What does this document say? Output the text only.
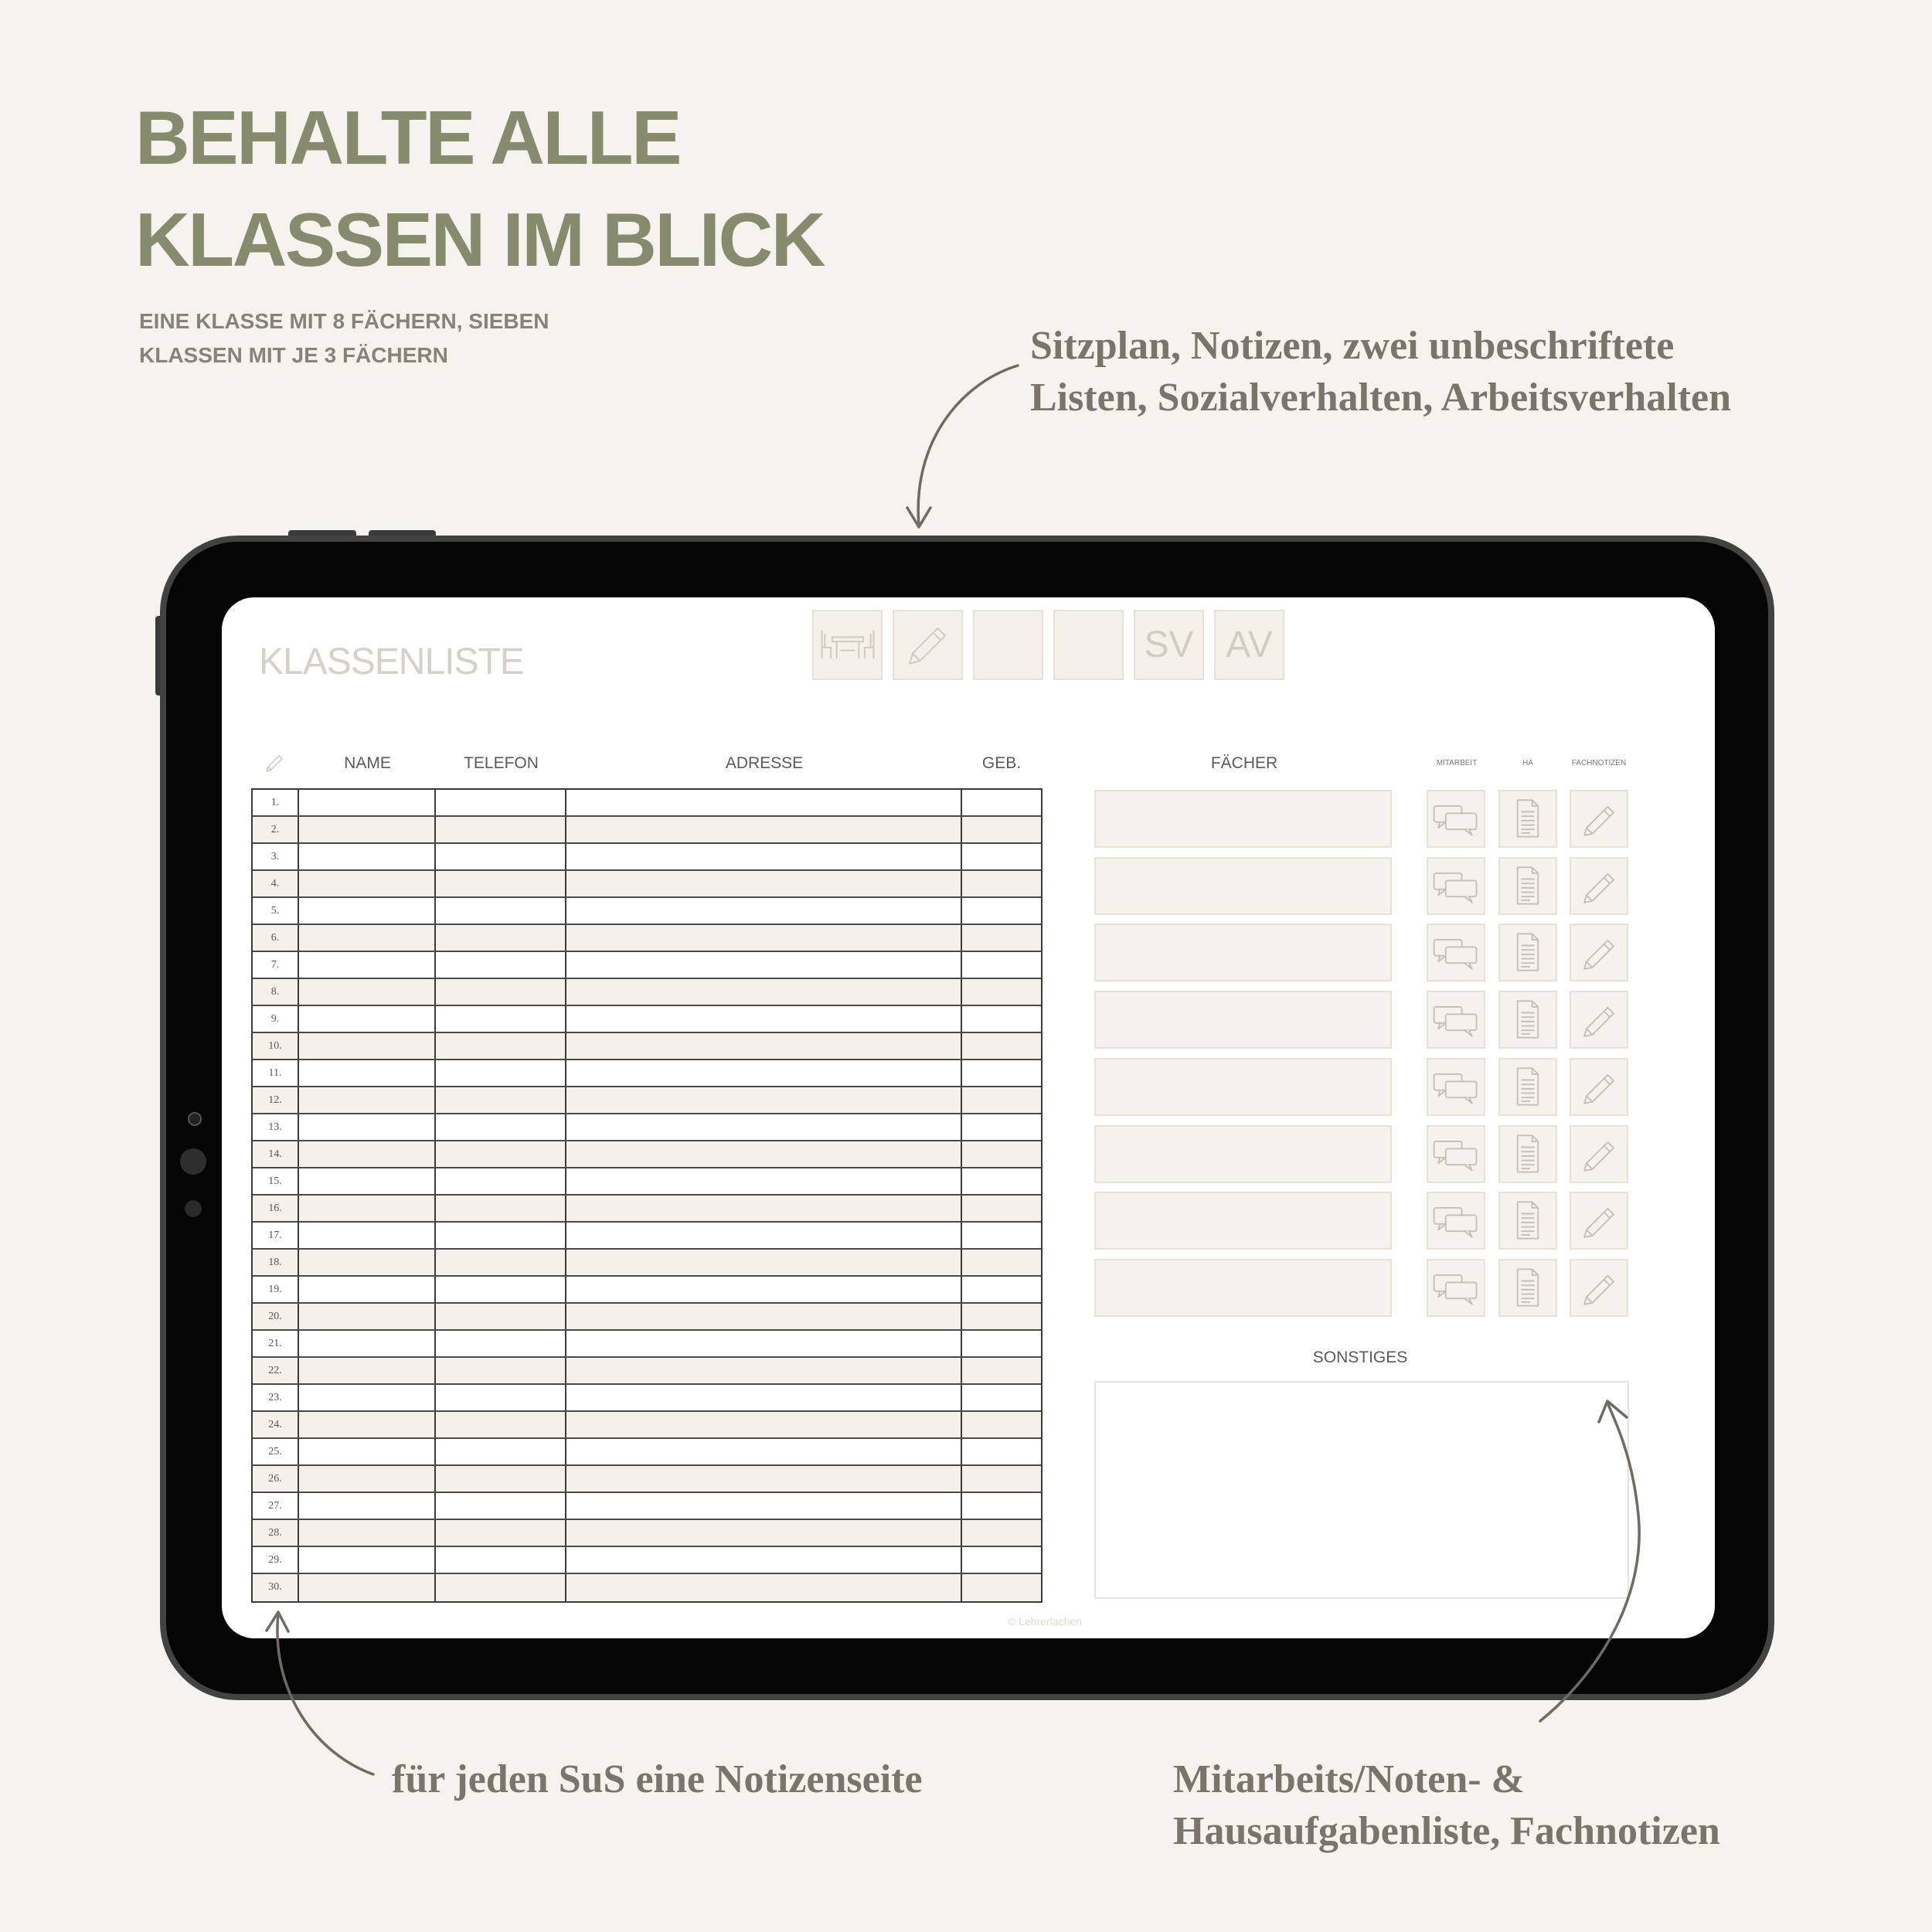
BEHALTE ALLE
KLASSEN IM BLICK
EINE KLASSE MIT 8 FÄCHERN, SIEBEN
KLASSEN MIT JE 3 FÄCHERN	Sitzplan, Notizen, zwei unbeschriftete
Listen, Sozialverhalten, Arbeitsverhalten
KLASSENLISTE	SV AV
NAME	TELEFON	ADRESSE	GEB.
1.
2.
3.
4.
5.
6.
7.
8.
9.
10.
11.
12.
13.
14.
15.
16.
17.
18.
19.
20.
21.
22.
23.
24.
25.
26.
27.
28.
29.
30.
FÄCHER	MITARBEIT	HA	FACHNOTIZEN
SONSTIGES
© Lehrerlachen
für jeden SuS eine Notizenseite	Mitarbeits/Noten- &
Hausaufgabenliste, Fachnotizen
